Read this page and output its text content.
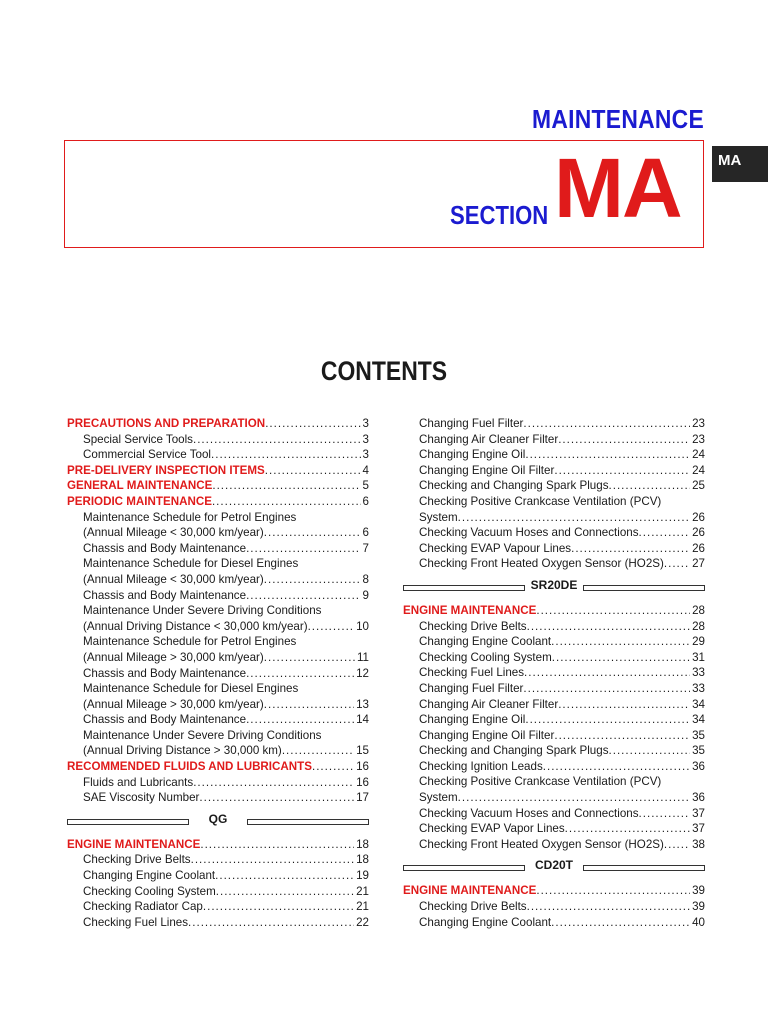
MAINTENANCE
SECTION MA	MA
CONTENTS
PRECAUTIONS AND PREPARATION .....	3
Special Service Tools .....	3
Commercial Service Tool .....	3
PRE-DELIVERY INSPECTION ITEMS .....	4
GENERAL MAINTENANCE .....	5
PERIODIC MAINTENANCE .....	6
Maintenance Schedule for Petrol Engines
(Annual Mileage < 30,000 km/year) .....	6
Chassis and Body Maintenance .....	7
Maintenance Schedule for Diesel Engines
(Annual Mileage < 30,000 km/year) .....	8
Chassis and Body Maintenance .....	9
Maintenance Under Severe Driving Conditions
(Annual Driving Distance < 30,000 km/year) .....	10
Maintenance Schedule for Petrol Engines
(Annual Mileage > 30,000 km/year) .....	11
Chassis and Body Maintenance .....	12
Maintenance Schedule for Diesel Engines
(Annual Mileage > 30,000 km/year) .....	13
Chassis and Body Maintenance .....	14
Maintenance Under Severe Driving Conditions
(Annual Driving Distance > 30,000 km) .....	15
RECOMMENDED FLUIDS AND LUBRICANTS .....	16
Fluids and Lubricants .....	16
SAE Viscosity Number .....	17
QG
ENGINE MAINTENANCE .....	18
Checking Drive Belts .....	18
Changing Engine Coolant .....	19
Checking Cooling System .....	21
Checking Radiator Cap .....	21
Checking Fuel Lines .....	22
Changing Fuel Filter .....	23
Changing Air Cleaner Filter .....	23
Changing Engine Oil .....	24
Changing Engine Oil Filter .....	24
Checking and Changing Spark Plugs .....	25
Checking Positive Crankcase Ventilation (PCV)
System .....	26
Checking Vacuum Hoses and Connections .....	26
Checking EVAP Vapour Lines .....	26
Checking Front Heated Oxygen Sensor (HO2S) ..... 27
SR20DE
ENGINE MAINTENANCE .....	28
Checking Drive Belts .....	28
Changing Engine Coolant .....	29
Checking Cooling System .....	31
Checking Fuel Lines .....	33
Changing Fuel Filter .....	33
Changing Air Cleaner Filter .....	34
Changing Engine Oil .....	34
Changing Engine Oil Filter .....	35
Checking and Changing Spark Plugs .....	35
Checking Ignition Leads .....	36
Checking Positive Crankcase Ventilation (PCV)
System .....	36
Checking Vacuum Hoses and Connections .....	37
Checking EVAP Vapor Lines .....	37
Checking Front Heated Oxygen Sensor (HO2S) ..... 38
CD20T
ENGINE MAINTENANCE .....	39
Checking Drive Belts .....	39
Changing Engine Coolant .....	40
